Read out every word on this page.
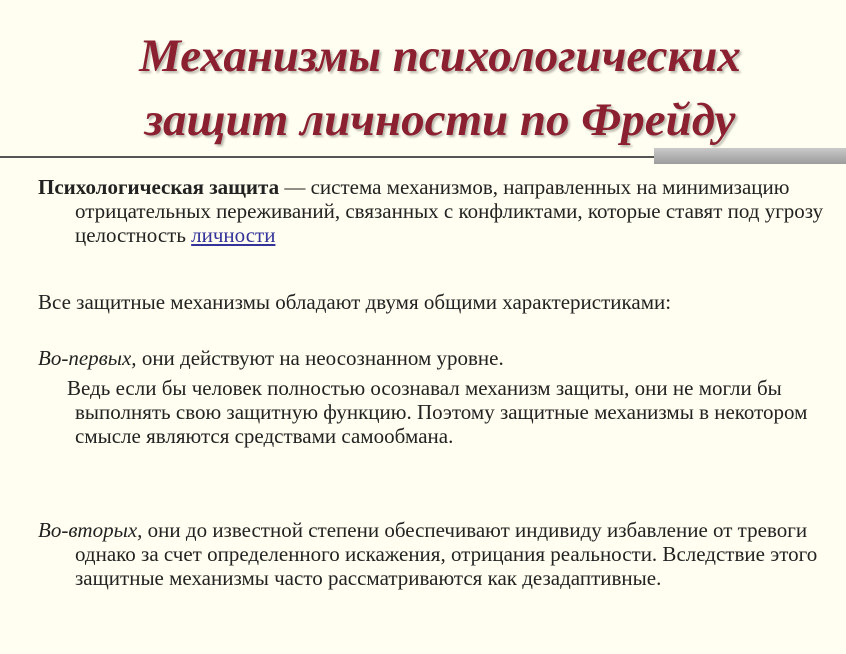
Механизмы психологических
защит личности по Фрейду

Психологическая защита — система механизмов, направленных на минимизацию отрицательных переживаний, связанных с конфликтами, которые ставят под угрозу целостность личности

Все защитные механизмы обладают двумя общими характеристиками:

Во-первых, они действуют на неосознанном уровне.

Ведь если бы человек полностью осознавал механизм защиты, они не могли бы выполнять свою защитную функцию. Поэтому защитные механизмы в некотором смысле являются средствами самообмана.

Во-вторых, они до известной степени обеспечивают индивиду избавление от тревоги однако за счет определенного искажения, отрицания реальности. Вследствие этого защитные механизмы часто рассматриваются как дезадаптивные.
